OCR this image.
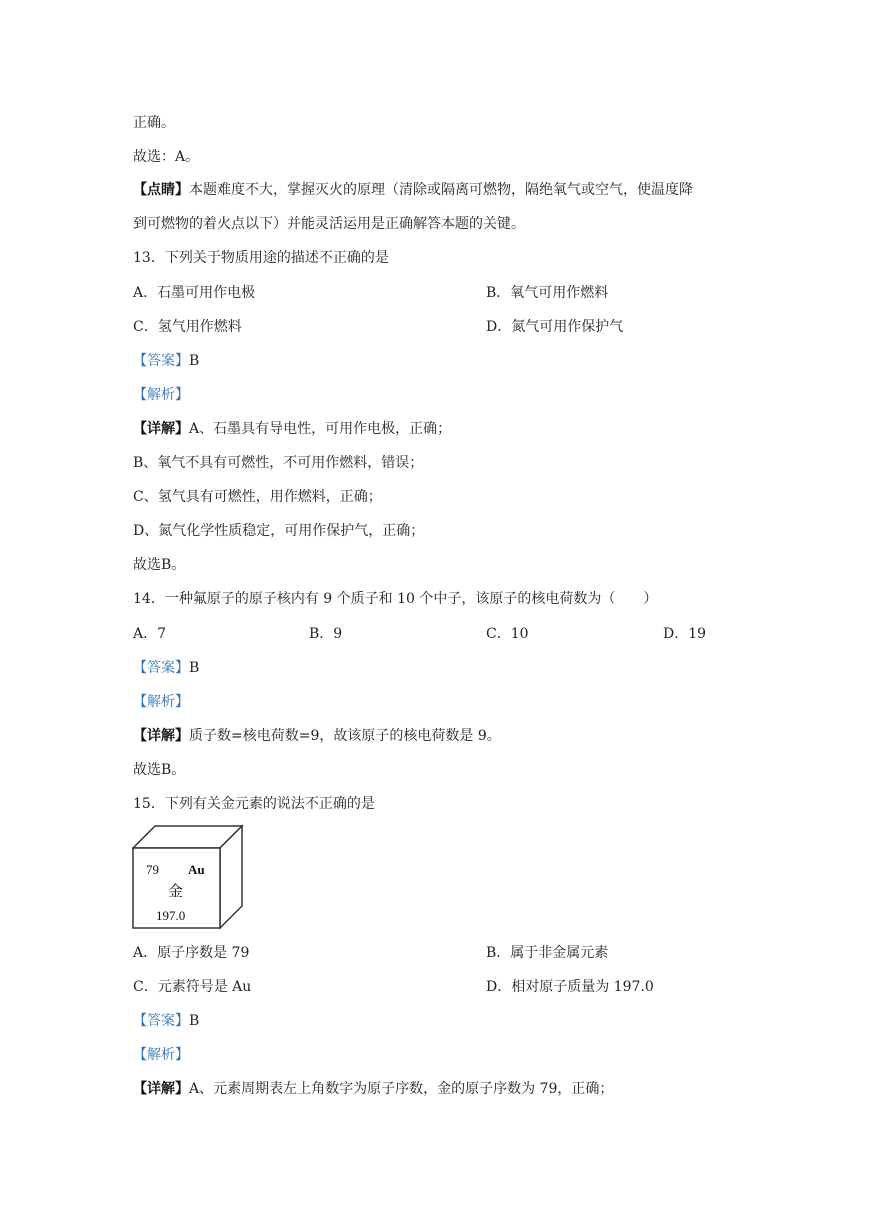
正确。
故选：A。
【点睛】本题难度不大，掌握灭火的原理（清除或隔离可燃物，隔绝氧气或空气，使温度降
到可燃物的着火点以下）并能灵活运用是正确解答本题的关键。
13．下列关于物质用途的描述不正确的是
A．石墨可用作电极	B．氧气可用作燃料
C．氢气用作燃料	D．氮气可用作保护气
【答案】B
【解析】
【详解】A、石墨具有导电性，可用作电极，正确；
B、氧气不具有可燃性，不可用作燃料，错误；
C、氢气具有可燃性，用作燃料，正确；
D、氮气化学性质稳定，可用作保护气，正确；
故选B。
14．一种氟原子的原子核内有 9 个质子和 10 个中子，该原子的核电荷数为（　　）
A．7	B．9	C．10	D．19
【答案】B
【解析】
【详解】质子数=核电荷数=9，故该原子的核电荷数是 9。
故选B。
15．下列有关金元素的说法不正确的是
79 Au
金
197.0
A．原子序数是 79	B．属于非金属元素
C．元素符号是 Au	D．相对原子质量为 197.0
【答案】B
【解析】
【详解】A、元素周期表左上角数字为原子序数，金的原子序数为 79，正确；
